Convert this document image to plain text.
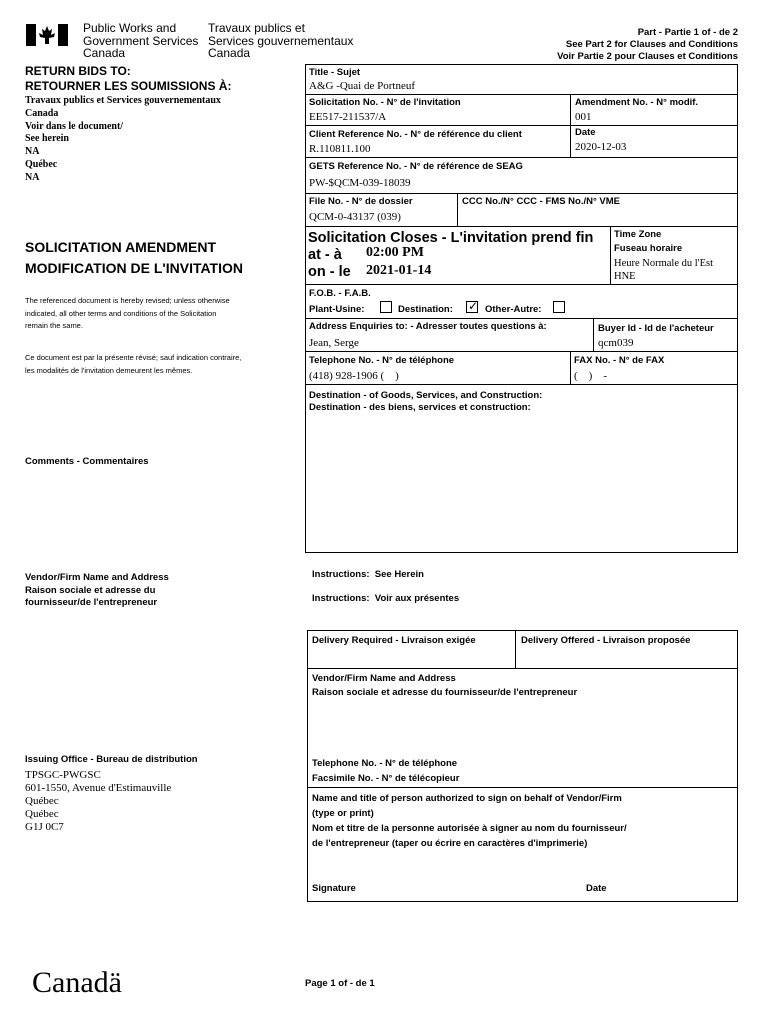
Public Works and
Government Services
Canada
Travaux publics et
Services gouvernementaux
Canada
Part - Partie 1 of - de 2
See Part 2 for Clauses and Conditions
Voir Partie 2 pour Clauses et Conditions
RETURN BIDS TO:
RETOURNER LES SOUMISSIONS À:
Travaux publics et Services gouvernementaux
Canada
Voir dans le document/
See herein
NA
Québec
NA
SOLICITATION AMENDMENT
MODIFICATION DE L'INVITATION
The referenced document is hereby revised; unless otherwise
indicated, all other terms and conditions of the Solicitation
remain the same.
Ce document est par la présente révisé; sauf indication contraire,
les modalités de l'invitation demeurent les mêmes.
Comments - Commentaires
Vendor/Firm Name and Address
Raison sociale et adresse du
fournisseur/de l'entrepreneur
Issuing Office - Bureau de distribution
TPSGC-PWGSC
601-1550, Avenue d'Estimauville
Québec
Québec
G1J 0C7
Title - Sujet
A&G -Quai de Portneuf
Solicitation No. - N° de l'invitation
EE517-211537/A
Amendment No. - N° modif.
001
Client Reference No. - N° de référence du client
R.110811.100
Date
2020-12-03
GETS Reference No. - N° de référence de SEAG
PW-$QCM-039-18039
File No. - N° de dossier
QCM-0-43137 (039)
CCC No./N° CCC - FMS No./N° VME
Solicitation Closes - L'invitation prend fin
at - à 02:00 PM
on - le 2021-01-14
Time Zone
Fuseau horaire
Heure Normale du l'Est
HNE
F.O.B. - F.A.B.
Plant-Usine:	Destination: ✓ Other-Autre:
Address Enquiries to: - Adresser toutes questions à:
Jean, Serge
Buyer Id - Id de l'acheteur
qcm039
Telephone No. - N° de téléphone
(418) 928-1906 (    )
FAX No. - N° de FAX
(    )    -
Destination - of Goods, Services, and Construction:
Destination - des biens, services et construction:
Instructions:  See Herein
Instructions:  Voir aux présentes
Delivery Required - Livraison exigée	Delivery Offered - Livraison proposée
Vendor/Firm Name and Address
Raison sociale et adresse du fournisseur/de l'entrepreneur
Telephone No. - N° de téléphone
Facsimile No. - N° de télécopieur
Name and title of person authorized to sign on behalf of Vendor/Firm
(type or print)
Nom et titre de la personne autorisée à signer au nom du fournisseur/
de l'entrepreneur (taper ou écrire en caractères d'imprimerie)
Signature	Date
Canadä	Page 1 of - de 1
